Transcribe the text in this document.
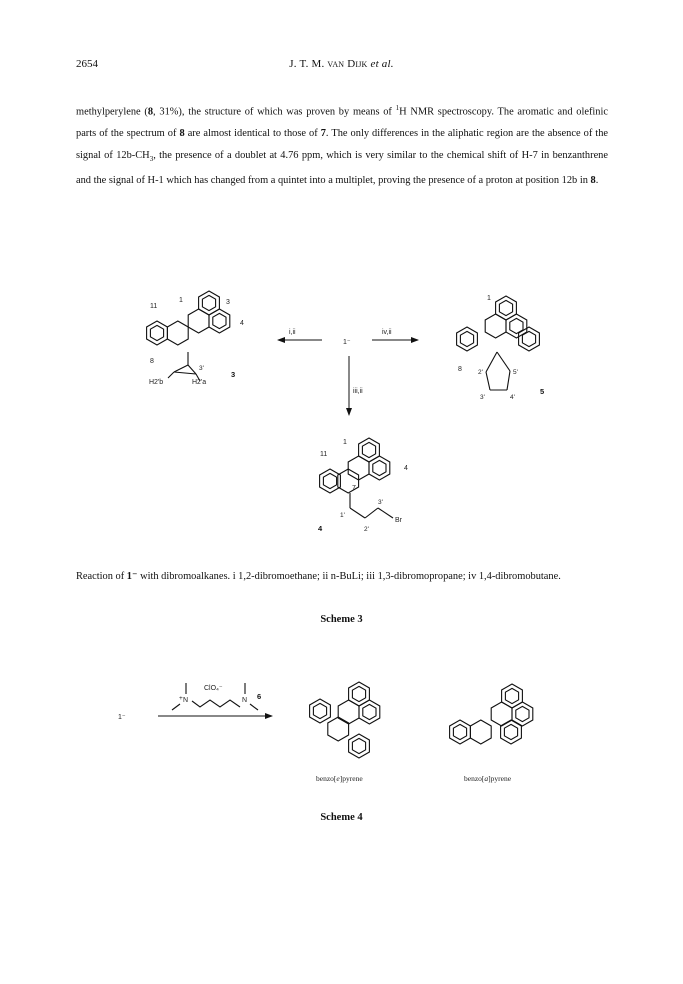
2654	J. T. M. van Dijk et al.
methylperylene (8, 31%), the structure of which was proven by means of $^1$H NMR spectroscopy. The aromatic and olefinic parts of the spectrum of 8 are almost identical to those of 7. The only differences in the aliphatic region are the absence of the signal of $12b-CH_3$, the presence of a doublet at 4.76 ppm, which is very similar to the chemical shift of H-7 in benzanthrene and the signal of H-1 which has changed from a quintet into a multiplet, proving the presence of a proton at position 12b in 8.
1	3
11
4
8
3'
H2'b	H2'a
3
1⁻
i,ii	iv,ii
iii,ii
1
8 2'	5'
3'	4'
5
1
11
4
7
3'
1'
2'
Br
4
ClO₄⁻
+ N	N 6
1⁻
benzo[e]pyrene	benzo[a]pyrene
Reaction of 1⁻ with dibromoalkanes. i 1,2-dibromoethane; ii n-BuLi; iii 1,3-dibromopropane; iv 1,4-dibromobutane.
Scheme 3
Scheme 4
